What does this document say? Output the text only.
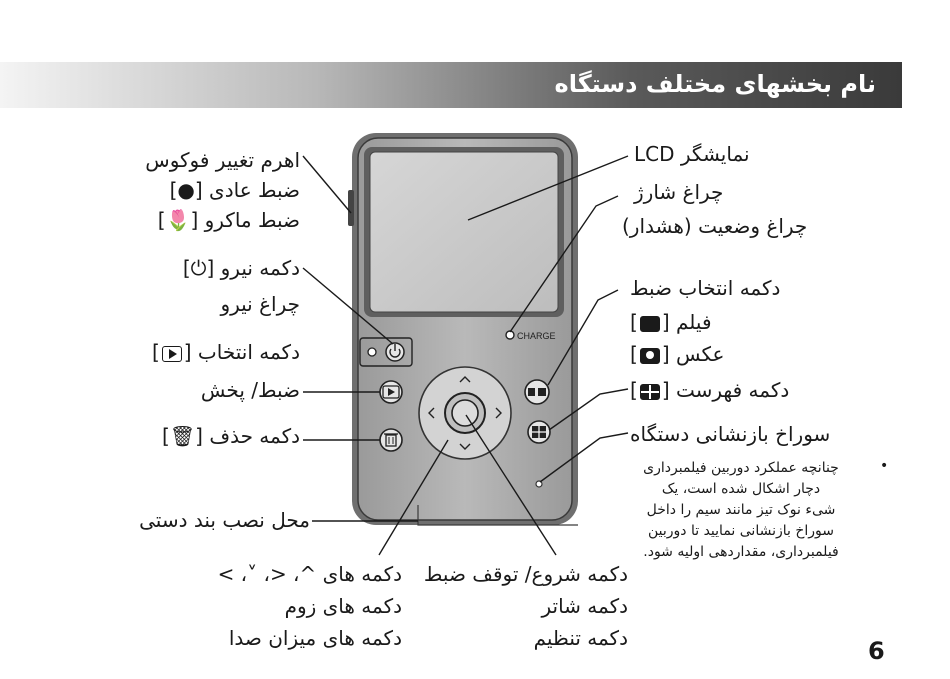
نام بخشهای مختلف دستگاه
CHARGE
اهرم تغییر فوکوس
ضبط عادی [●]
ضبط ماکرو [🌷]
دکمه نیرو [⏻]
چراغ نیرو
دکمه انتخاب []
ضبط/ پخش
دکمه حذف [🗑]
محل نصب بند دستی
نمایشگر LCD
چراغ شارژ
چراغ وضعیت (هشدار)
دکمه انتخاب ضبط
فیلم []
عکس []
دکمه فهرست []
سوراخ بازنشانی دستگاه
دکمه های ^، <، ˅، >
دکمه های زوم
دکمه های میزان صدا
دکمه شروع/ توقف ضبط
دکمه شاتر
دکمه تنظیم
•

چنانچه عملکرد دوربین فیلمبرداری

دچار اشکال شده است، یک

شیء نوک تیز مانند سیم را داخل

سوراخ بازنشانی نمایید تا دوربین

فیلمبرداری، مقداردهی اولیه شود.

6
